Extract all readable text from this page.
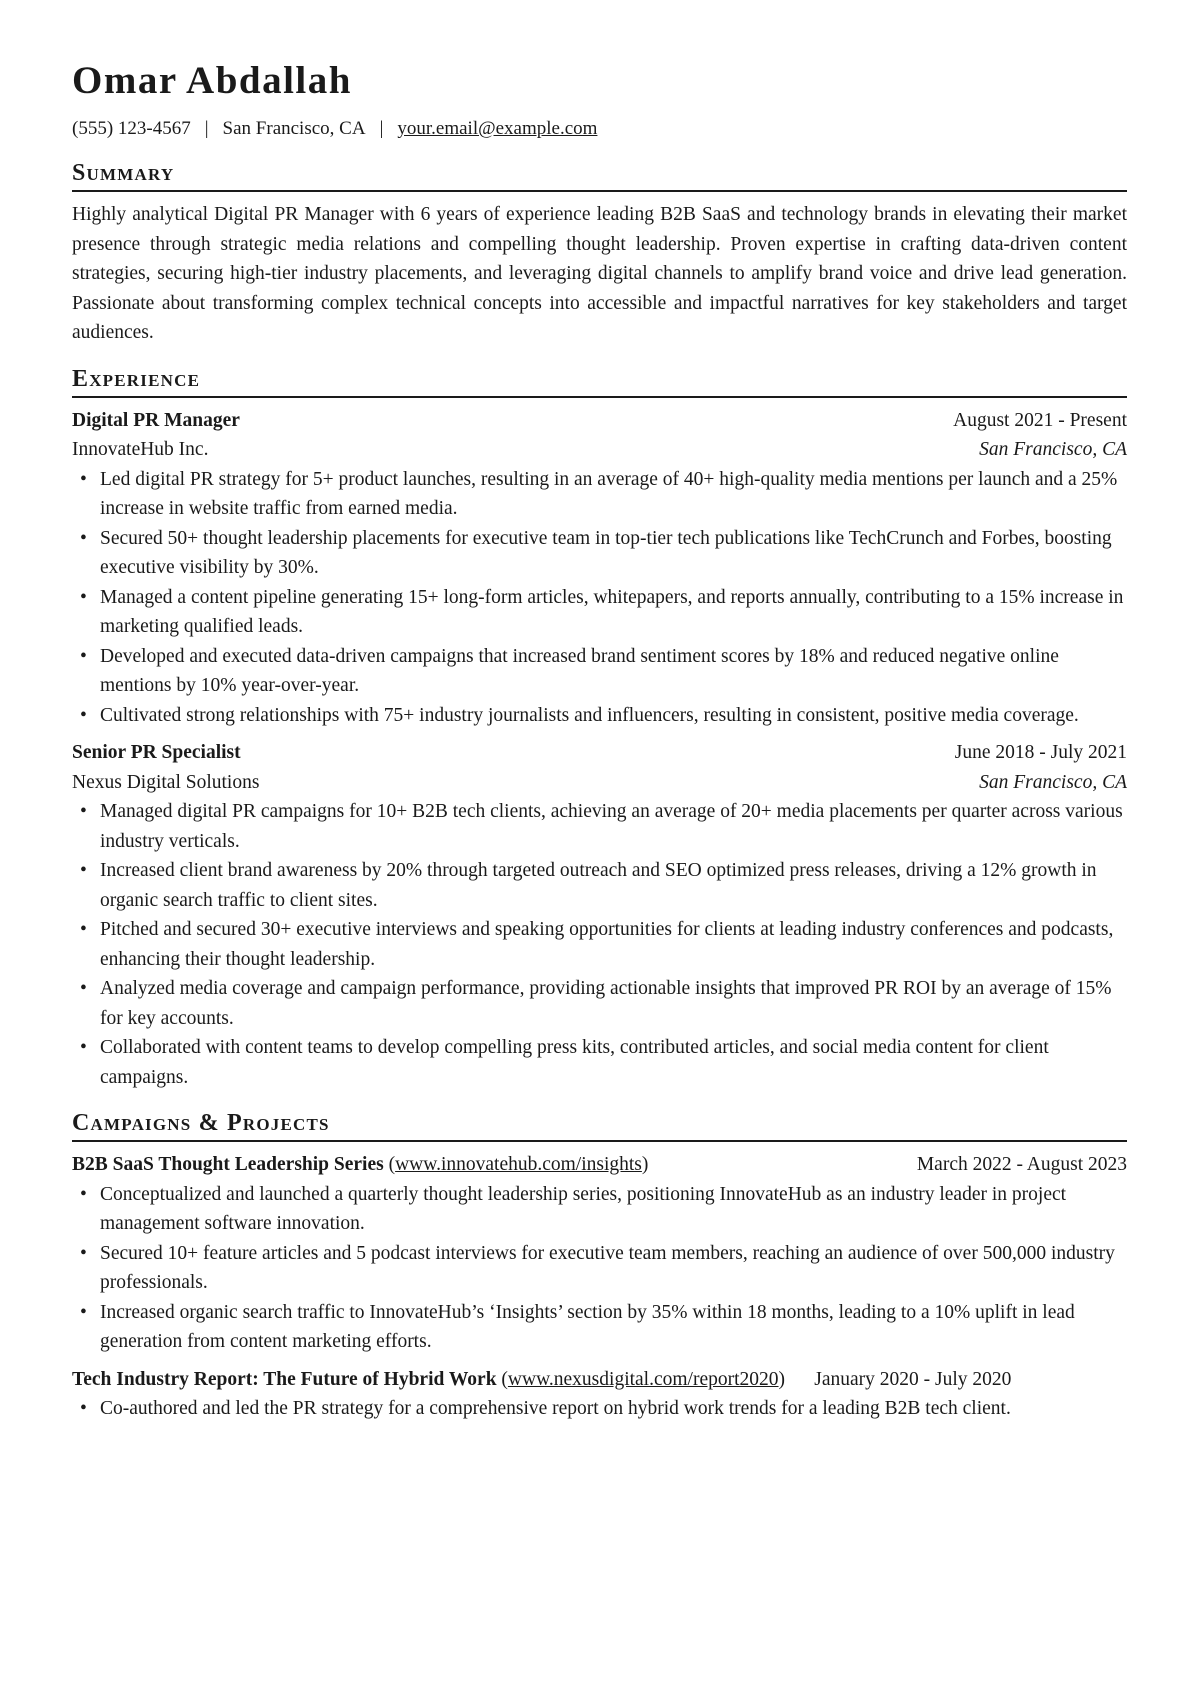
Omar Abdallah
(555) 123-4567 | San Francisco, CA | your.email@example.com
Summary

Highly analytical Digital PR Manager with 6 years of experience leading B2B SaaS and technology brands in elevating their market presence through strategic media relations and compelling thought leadership. Proven expertise in crafting data-driven content strategies, securing high-tier industry placements, and leveraging digital channels to amplify brand voice and drive lead generation. Passionate about transforming complex technical concepts into accessible and impactful narratives for key stakeholders and target audiences.

Experience
Digital PR Manager	August 2021 - Present
InnovateHub Inc.	San Francisco, CA
• Led digital PR strategy for 5+ product launches, resulting in an average of 40+ high-quality media mentions per launch and a 25% increase in website traffic from earned media.
• Secured 50+ thought leadership placements for executive team in top-tier tech publications like TechCrunch and Forbes, boosting executive visibility by 30%.
• Managed a content pipeline generating 15+ long-form articles, whitepapers, and reports annually, contributing to a 15% increase in marketing qualified leads.
• Developed and executed data-driven campaigns that increased brand sentiment scores by 18% and reduced negative online mentions by 10% year-over-year.
• Cultivated strong relationships with 75+ industry journalists and influencers, resulting in consistent, positive media coverage.
Senior PR Specialist	June 2018 - July 2021
Nexus Digital Solutions	San Francisco, CA
• Managed digital PR campaigns for 10+ B2B tech clients, achieving an average of 20+ media placements per quarter across various industry verticals.
• Increased client brand awareness by 20% through targeted outreach and SEO optimized press releases, driving a 12% growth in organic search traffic to client sites.
• Pitched and secured 30+ executive interviews and speaking opportunities for clients at leading industry conferences and podcasts, enhancing their thought leadership.
• Analyzed media coverage and campaign performance, providing actionable insights that improved PR ROI by an average of 15% for key accounts.
• Collaborated with content teams to develop compelling press kits, contributed articles, and social media content for client campaigns.
Campaigns & Projects
B2B SaaS Thought Leadership Series (www.innovatehub.com/insights)	March 2022 - August 2023
• Conceptualized and launched a quarterly thought leadership series, positioning InnovateHub as an industry leader in project management software innovation.
• Secured 10+ feature articles and 5 podcast interviews for executive team members, reaching an audience of over 500,000 industry professionals.
• Increased organic search traffic to InnovateHub’s ‘Insights’ section by 35% within 18 months, leading to a 10% uplift in lead generation from content marketing efforts.
Tech Industry Report: The Future of Hybrid Work (www.nexusdigital.com/report2020)      January 2020 - July 2020
• Co-authored and led the PR strategy for a comprehensive report on hybrid work trends for a leading B2B tech client.
